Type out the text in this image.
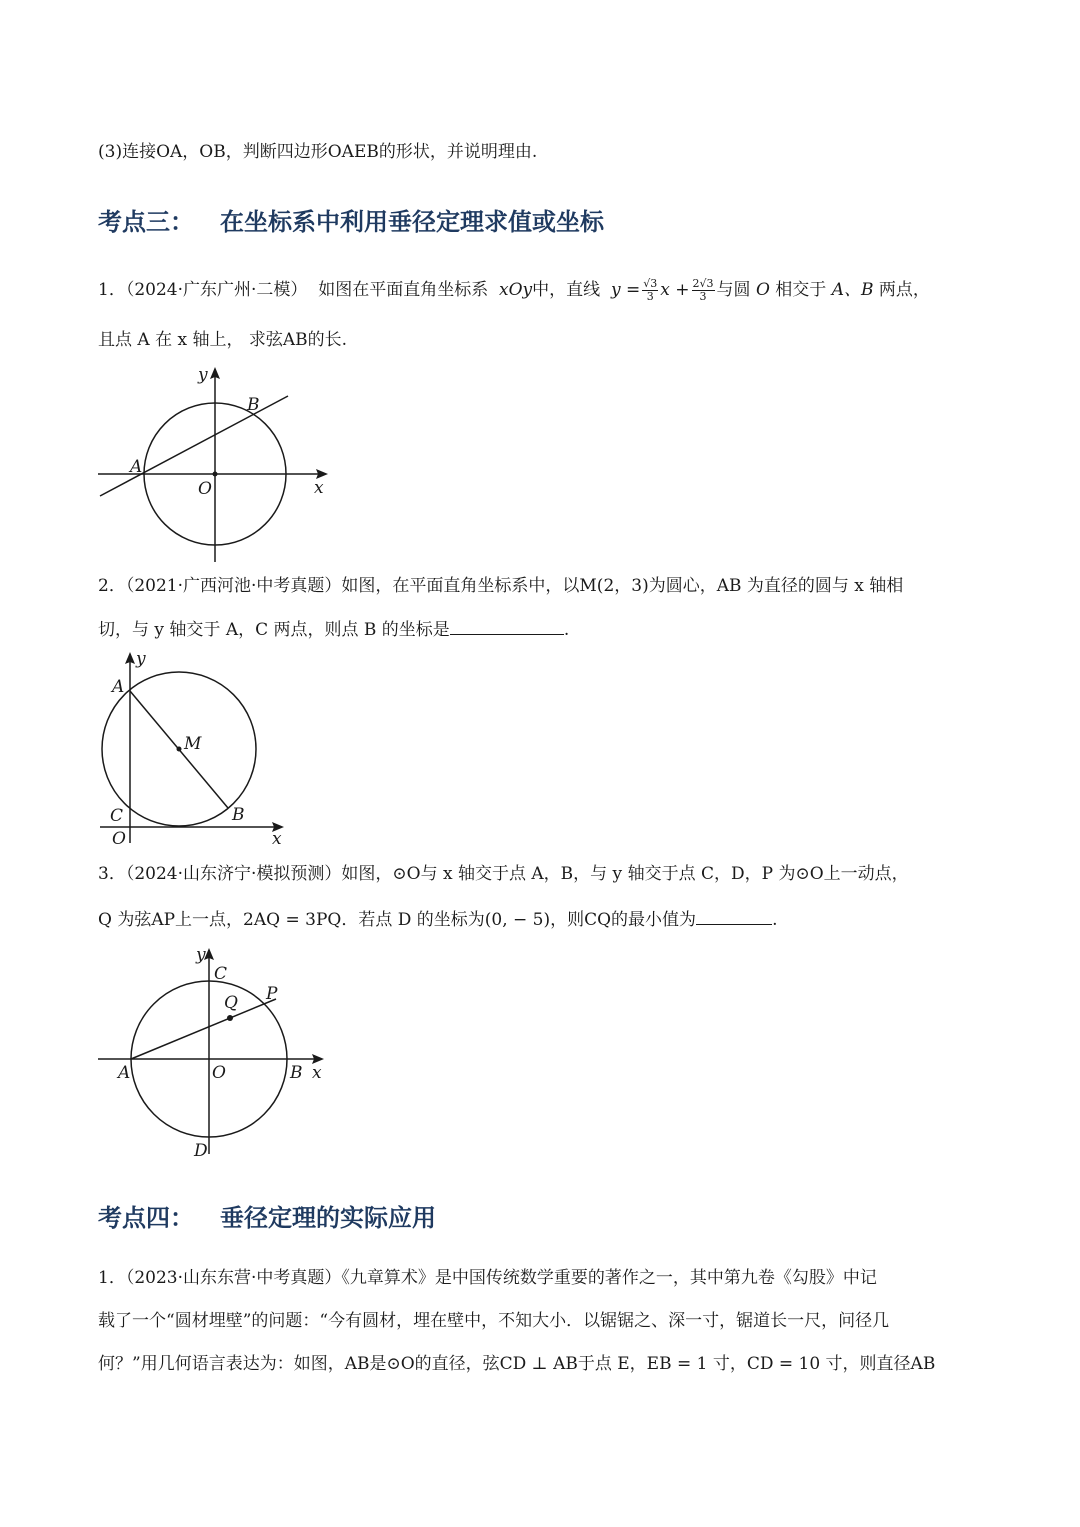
(3)连接OA，OB，判断四边形OAEB的形状，并说明理由.
考点三： 在坐标系中利用垂径定理求值或坐标
1．（2024·广东广州·二模） 如图在平面直角坐标系 xOy中，直线 $y = \frac{√3}{3}$ $x + \frac{2√3}{3}$ 与圆 O 相交于 A、B 两点，
且点 A 在 x 轴上， 求弦AB的长.
y
x
O
A
B
2．（2021·广西河池·中考真题）如图，在平面直角坐标系中，以M(2，3)为圆心，AB 为直径的圆与 x 轴相
切，与 y 轴交于 A，C 两点，则点 B 的坐标是	.
y
x
A
M
B
C
O
3．（2024·山东济宁·模拟预测）如图，⊙O与 x 轴交于点 A，B，与 y 轴交于点 C，D，P 为⊙O上一动点，
Q 为弦AP上一点，2AQ = 3PQ．若点 D 的坐标为(0, − 5)，则CQ的最小值为	.
y
x
C
Q P
A	O	B
D
考点四： 垂径定理的实际应用
1．（2023·山东东营·中考真题）《九章算术》是中国传统数学重要的著作之一，其中第九卷《勾股》中记
载了一个“圆材埋壁”的问题：“今有圆材，埋在壁中，不知大小．以锯锯之、深一寸，锯道长一尺，问径几
何？”用几何语言表达为：如图，AB是⊙O的直径，弦CD ⊥ AB于点 E，EB = 1 寸，CD = 10 寸，则直径AB
